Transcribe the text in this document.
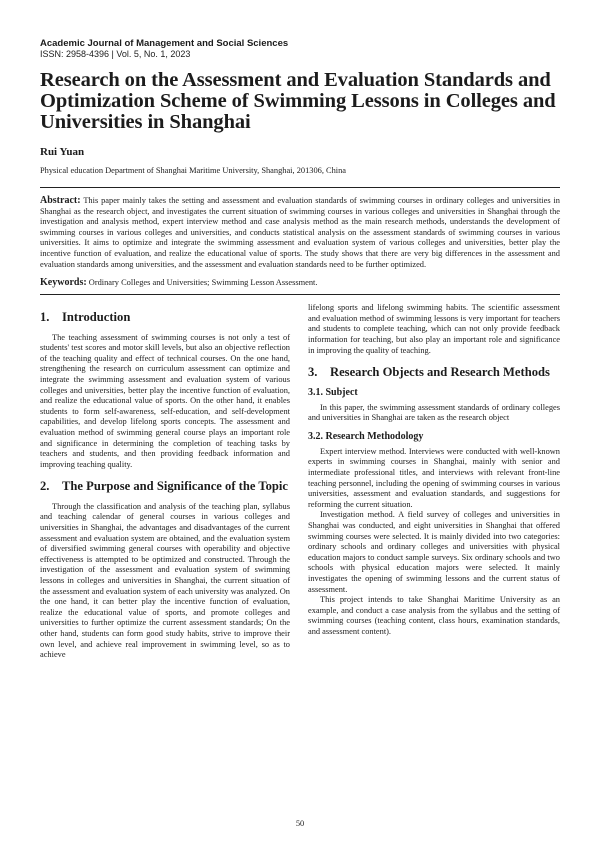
Academic Journal of Management and Social Sciences
ISSN: 2958-4396 | Vol. 5, No. 1, 2023
Research on the Assessment and Evaluation Standards and Optimization Scheme of Swimming Lessons in Colleges and Universities in Shanghai
Rui Yuan
Physical education Department of Shanghai Maritime University, Shanghai, 201306, China
Abstract: This paper mainly takes the setting and assessment and evaluation standards of swimming courses in ordinary colleges and universities in Shanghai as the research object, and investigates the current situation of swimming courses in various colleges and universities in Shanghai through the investigation and analysis method, expert interview method and case analysis method as the main research methods, understands the development of swimming courses in various colleges and universities, and conducts statistical analysis on the assessment standards of swimming courses in various universities. It aims to optimize and integrate the swimming assessment and evaluation system of various colleges and universities, better play the incentive function of evaluation, and realize the educational value of sports. The study shows that there are very big differences in the assessment and evaluation standards among universities, and the assessment and evaluation standards need to be further optimized.
Keywords: Ordinary Colleges and Universities; Swimming Lesson Assessment.
1. Introduction

The teaching assessment of swimming courses is not only a test of students' test scores and motor skill levels, but also an objective reflection of the teaching quality and effect of technical courses. On the one hand, strengthening the research on curriculum assessment can optimize and integrate the swimming assessment and evaluation system of various colleges and universities, better play the incentive function of evaluation, and realize the educational value of sports. On the other hand, it enables students to form self-awareness, self-education, and self-development capabilities, and develop lifelong sports concepts. The assessment and evaluation method of swimming general course plays an important role and significance in determining the completion of teaching tasks by teachers and students, and then providing feedback information and improving teaching quality.

2. The Purpose and Significance of the Topic

Through the classification and analysis of the teaching plan, syllabus and teaching calendar of general courses in various colleges and universities in Shanghai, the advantages and disadvantages of the current assessment and evaluation system are obtained, and the evaluation system of diversified swimming general courses with operability and objective effectiveness is attempted to be optimized and constructed. Through the investigation of the assessment and evaluation system of swimming lessons in colleges and universities in Shanghai, the current situation of the assessment and evaluation system of each university was analyzed. On the one hand, it can better play the incentive function of evaluation, realize the educational value of sports, and promote colleges and universities to further optimize the current assessment standards; On the other hand, students can form good study habits, strive to improve their own level, and achieve real improvement in swimming level, so as to achieve

lifelong sports and lifelong swimming habits. The scientific assessment and evaluation method of swimming lessons is very important for teachers and students to complete teaching, which can not only provide feedback information for teaching, but also play an important role and significance in improving the quality of teaching.

3. Research Objects and Research Methods
3.1. Subject

In this paper, the swimming assessment standards of ordinary colleges and universities in Shanghai are taken as the research object

3.2. Research Methodology

Expert interview method. Interviews were conducted with well-known experts in swimming courses in Shanghai, mainly with senior and intermediate professional titles, and interviews with relevant front-line teaching personnel, including the opening of swimming courses in various universities, assessment and evaluation standards, and suggestions for reforming the current situation.

Investigation method. A field survey of colleges and universities in Shanghai was conducted, and eight universities in Shanghai that offered swimming courses were selected. It is mainly divided into two categories: ordinary schools and ordinary colleges and universities with physical education majors to conduct sample surveys. Six ordinary schools and two schools with physical education majors were selected. It mainly investigates the opening of swimming lessons and the current status of assessment.

This project intends to take Shanghai Maritime University as an example, and conduct a case analysis from the syllabus and the setting of swimming courses (teaching content, class hours, examination standards, and assessment content).

50
